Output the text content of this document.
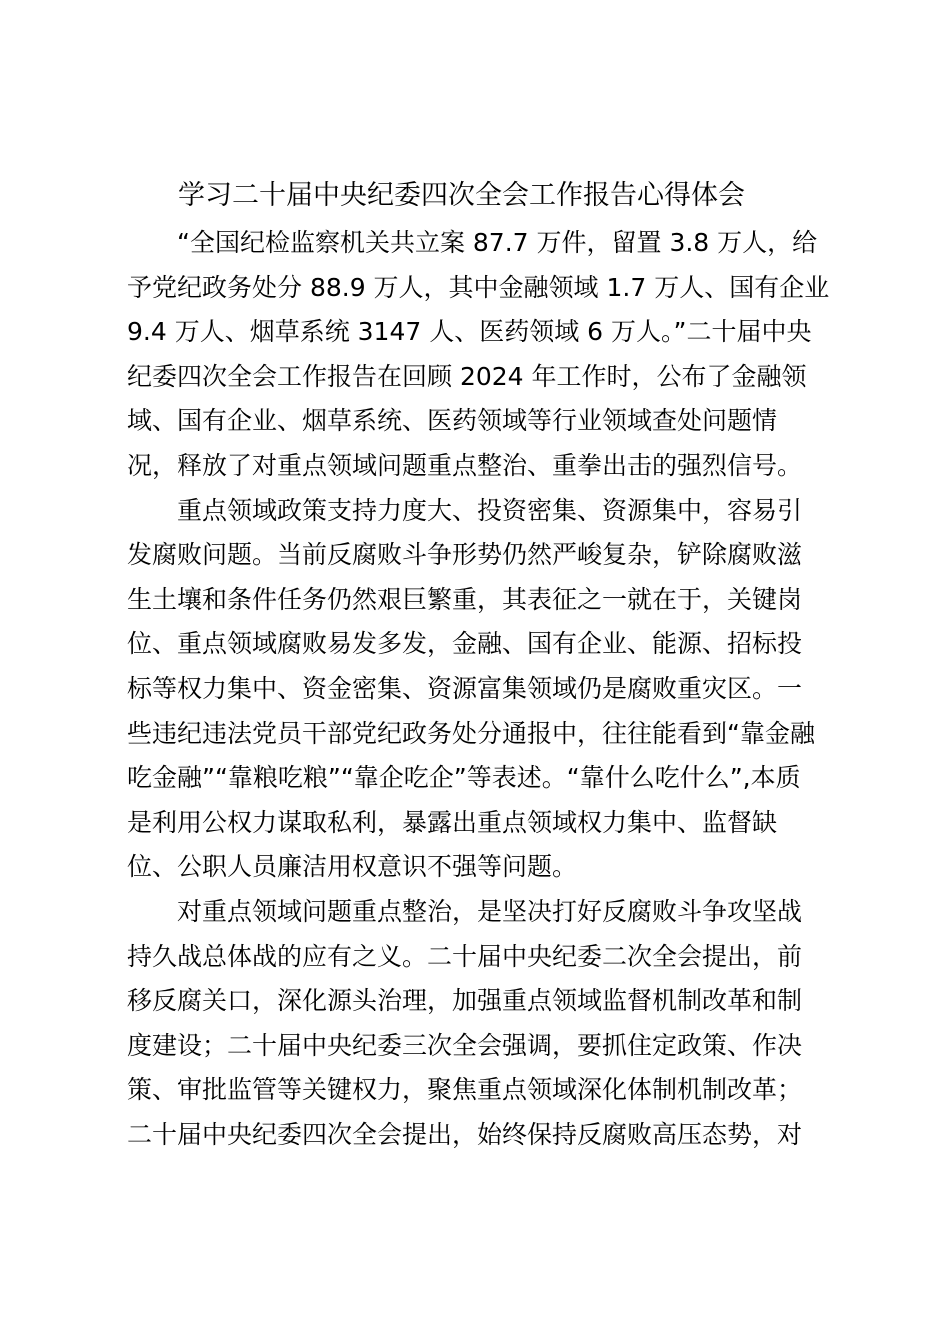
学习二十届中央纪委四次全会工作报告心得体会

　　“全国纪检监察机关共立案 87.7 万件，留置 3.8 万人，给
予党纪政务处分 88.9 万人，其中金融领域 1.7 万人、国有企业
9.4 万人、烟草系统 3147 人、医药领域 6 万人。”二十届中央
纪委四次全会工作报告在回顾 2024 年工作时，公布了金融领
域、国有企业、烟草系统、医药领域等行业领域查处问题情
况，释放了对重点领域问题重点整治、重拳出击的强烈信号。

　　重点领域政策支持力度大、投资密集、资源集中，容易引
发腐败问题。当前反腐败斗争形势仍然严峻复杂，铲除腐败滋
生土壤和条件任务仍然艰巨繁重，其表征之一就在于，关键岗
位、重点领域腐败易发多发，金融、国有企业、能源、招标投
标等权力集中、资金密集、资源富集领域仍是腐败重灾区。一
些违纪违法党员干部党纪政务处分通报中，往往能看到“靠金融
吃金融”“靠粮吃粮”“靠企吃企”等表述。“靠什么吃什么”,本质
是利用公权力谋取私利，暴露出重点领域权力集中、监督缺
位、公职人员廉洁用权意识不强等问题。

　　对重点领域问题重点整治，是坚决打好反腐败斗争攻坚战
持久战总体战的应有之义。二十届中央纪委二次全会提出，前
移反腐关口，深化源头治理，加强重点领域监督机制改革和制
度建设；二十届中央纪委三次全会强调，要抓住定政策、作决
策、审批监管等关键权力，聚焦重点领域深化体制机制改革；
二十届中央纪委四次全会提出，始终保持反腐败高压态势，对
